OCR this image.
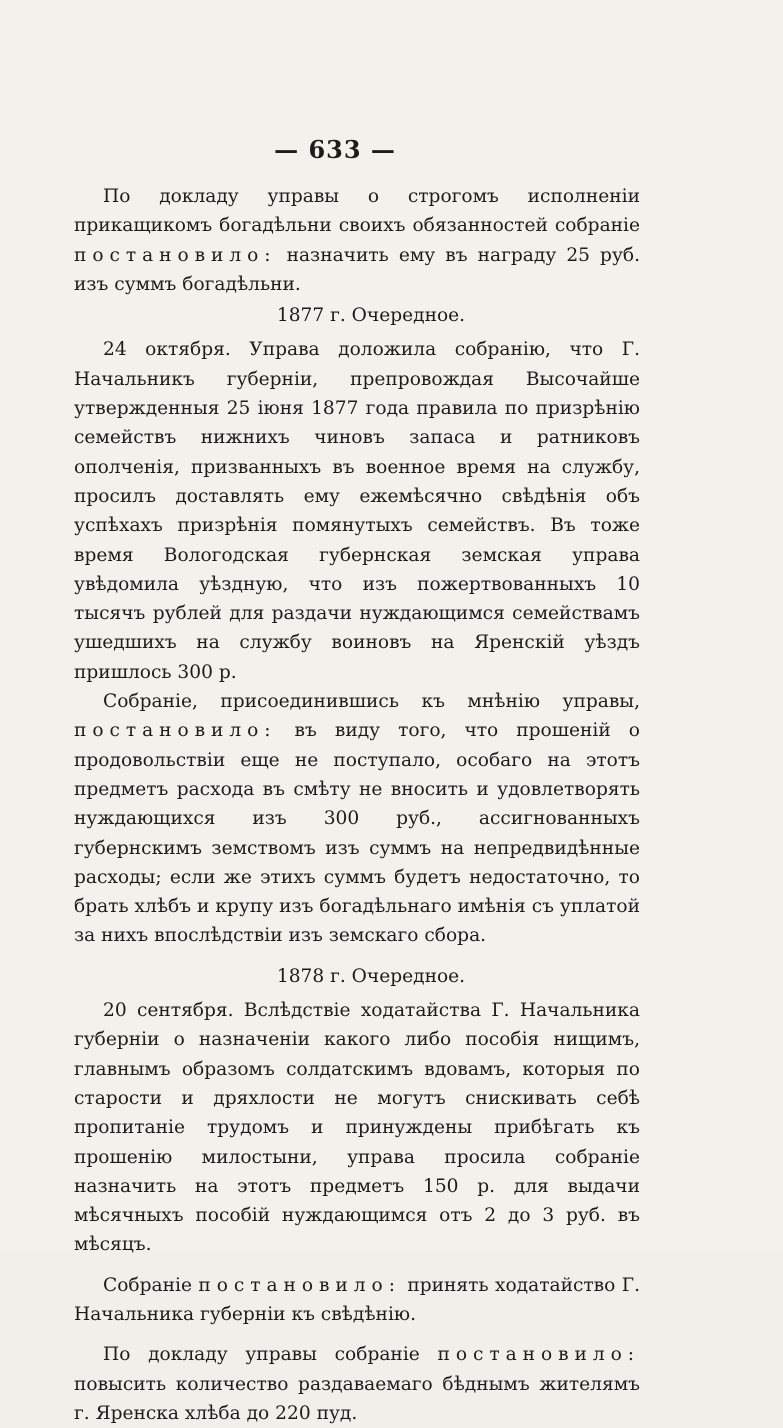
— 633 —

По докладу управы о строгомъ исполненіи прикащикомъ богадѣльни своихъ обязанностей собраніе постановило: назначить ему въ награду 25 руб. изъ суммъ богадѣльни.

1877 г. Очередное.

24 октября. Управа доложила собранію, что Г. Начальникъ губерніи, препровождая Высочайше утвержденныя 25 іюня 1877 года правила по призрѣнію семействъ нижнихъ чиновъ запаса и ратниковъ ополченія, призванныхъ въ военное время на службу, просилъ доставлять ему ежемѣсячно свѣдѣнія объ успѣхахъ призрѣнія помянутыхъ семействъ. Въ тоже время Вологодская губернская земская управа увѣдомила уѣздную, что изъ пожертвованныхъ 10 тысячъ рублей для раздачи нуждающимся семействамъ ушедшихъ на службу воиновъ на Яренскій уѣздъ пришлось 300 р.

Собраніе, присоединившись къ мнѣнію управы, постановило: въ виду того, что прошеній о продовольствіи еще не поступало, особаго на этотъ предметъ расхода въ смѣту не вносить и удовлетворять нуждающихся изъ 300 руб., ассигнованныхъ губернскимъ земствомъ изъ суммъ на непредвидѣнные расходы; если же этихъ суммъ будетъ недостаточно, то брать хлѣбъ и крупу изъ богадѣльнаго имѣнія съ уплатой за нихъ впослѣдствіи изъ земскаго сбора.

1878 г. Очередное.

20 сентября. Вслѣдствіе ходатайства Г. Начальника губерніи о назначеніи какого либо пособія нищимъ, главнымъ образомъ солдатскимъ вдовамъ, которыя по старости и дряхлости не могутъ снискивать себѣ пропитаніе трудомъ и принуждены прибѣгать къ прошенію милостыни, управа просила собраніе назначить на этотъ предметъ 150 р. для выдачи мѣсячныхъ пособій нуждающимся отъ 2 до 3 руб. въ мѣсяцъ.

Собраніе постановило: принять ходатайство Г. Начальника губерніи къ свѣдѣнію.

По докладу управы собраніе постановило: повысить количество раздаваемаго бѣднымъ жителямъ г. Яренска хлѣба до 220 пуд.
